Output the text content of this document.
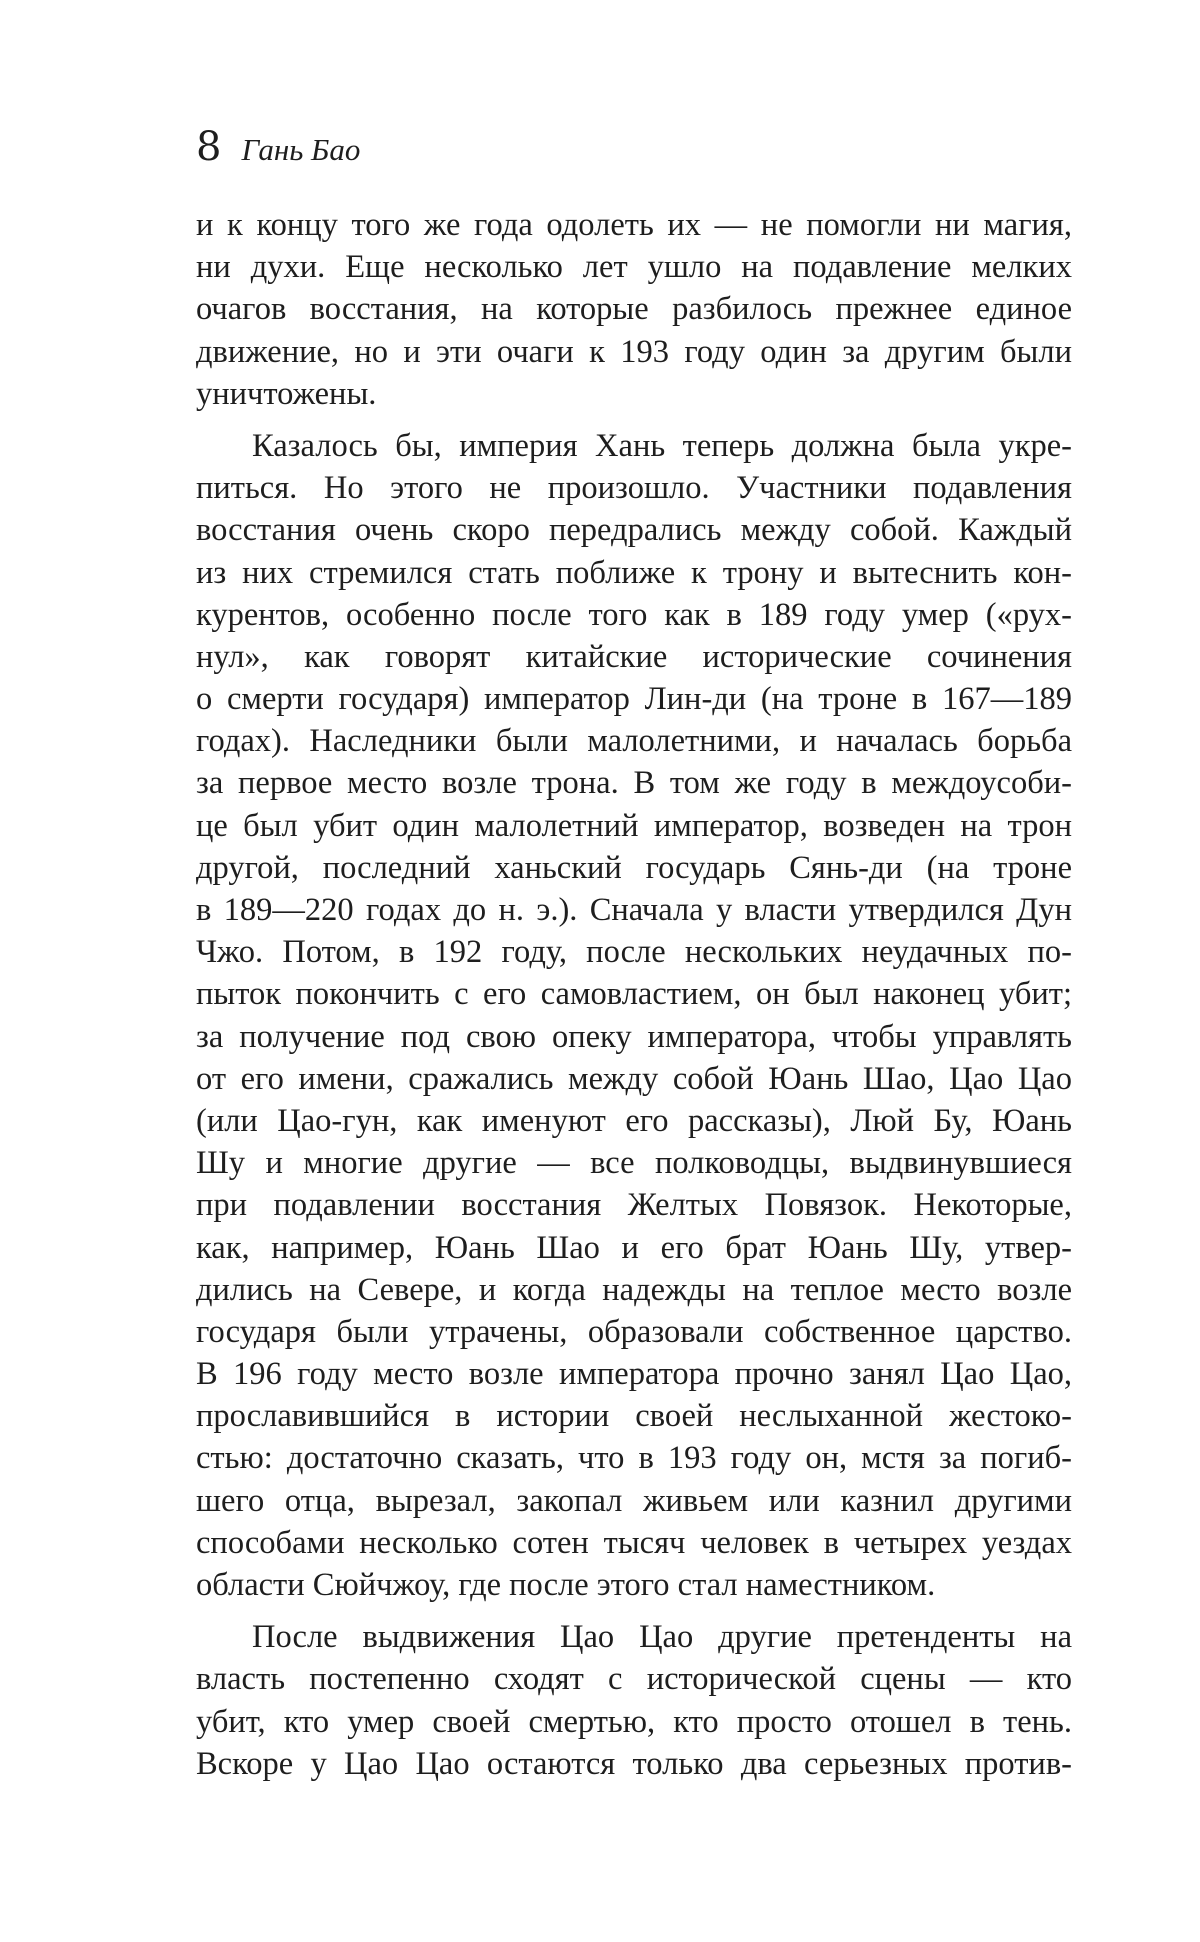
8 Гань Бао
и к концу того же года одолеть их — не помогли ни магия,
ни духи. Еще несколько лет ушло на подавление мелких
очагов восстания, на которые разбилось прежнее единое
движение, но и эти очаги к 193 году один за другим были
уничтожены.
Казалось бы, империя Хань теперь должна была укре-
питься. Но этого не произошло. Участники подавления
восстания очень скоро передрались между собой. Каждый
из них стремился стать поближе к трону и вытеснить кон-
курентов, особенно после того как в 189 году умер («рух-
нул», как говорят китайские исторические сочинения
о смерти государя) император Лин-ди (на троне в 167—189
годах). Наследники были малолетними, и началась борьба
за первое место возле трона. В том же году в междоусоби-
це был убит один малолетний император, возведен на трон
другой, последний ханьский государь Сянь-ди (на троне
в 189—220 годах до н. э.). Сначала у власти утвердился Дун
Чжо. Потом, в 192 году, после нескольких неудачных по-
пыток покончить с его самовластием, он был наконец убит;
за получение под свою опеку императора, чтобы управлять
от его имени, сражались между собой Юань Шао, Цао Цао
(или Цао-гун, как именуют его рассказы), Люй Бу, Юань
Шу и многие другие — все полководцы, выдвинувшиеся
при подавлении восстания Желтых Повязок. Некоторые,
как, например, Юань Шао и его брат Юань Шу, утвер-
дились на Севере, и когда надежды на теплое место возле
государя были утрачены, образовали собственное царство.
В 196 году место возле императора прочно занял Цао Цао,
прославившийся в истории своей неслыханной жестоко-
стью: достаточно сказать, что в 193 году он, мстя за погиб-
шего отца, вырезал, закопал живьем или казнил другими
способами несколько сотен тысяч человек в четырех уездах
области Сюйчжоу, где после этого стал наместником.
После выдвижения Цао Цао другие претенденты на
власть постепенно сходят с исторической сцены — кто
убит, кто умер своей смертью, кто просто отошел в тень.
Вскоре у Цао Цао остаются только два серьезных против-
